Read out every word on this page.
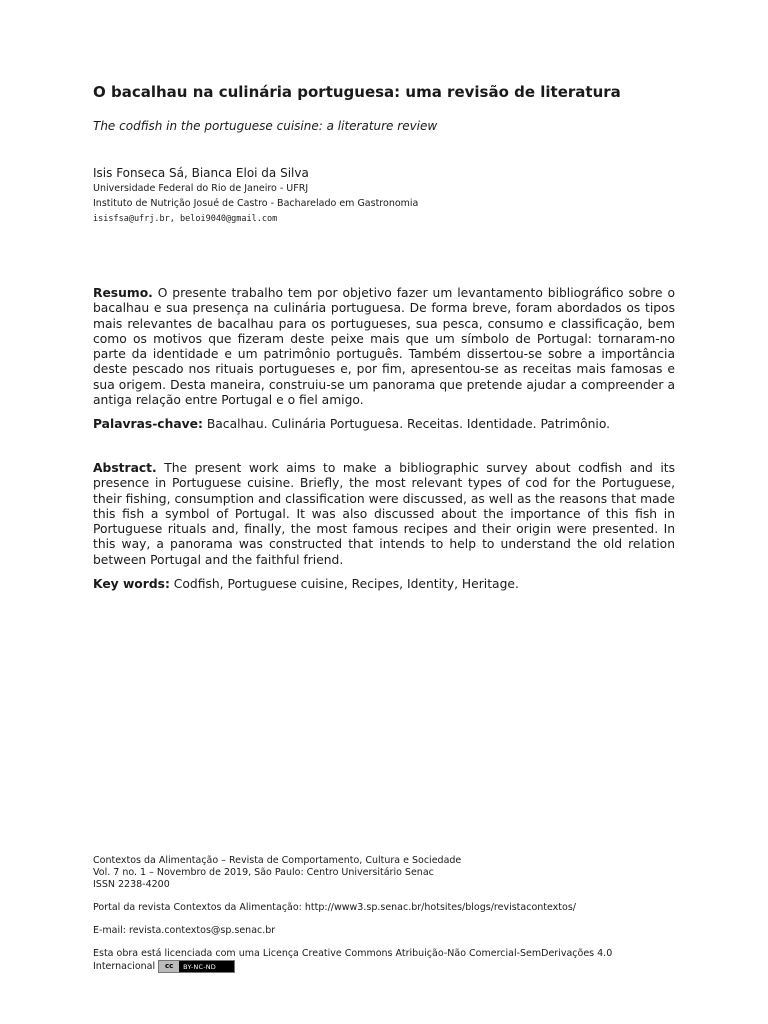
O bacalhau na culinária portuguesa: uma revisão de literatura
The codfish in the portuguese cuisine: a literature review
Isis Fonseca Sá, Bianca Eloi da Silva
Universidade Federal do Rio de Janeiro - UFRJ
Instituto de Nutrição Josué de Castro - Bacharelado em Gastronomia
isisfsa@ufrj.br, beloi9040@gmail.com

Resumo. O presente trabalho tem por objetivo fazer um levantamento bibliográfico sobre o bacalhau e sua presença na culinária portuguesa. De forma breve, foram abordados os tipos mais relevantes de bacalhau para os portugueses, sua pesca, consumo e classificação, bem como os motivos que fizeram deste peixe mais que um símbolo de Portugal: tornaram-no parte da identidade e um patrimônio português. Também dissertou-se sobre a importância deste pescado nos rituais portugueses e, por fim, apresentou-se as receitas mais famosas e sua origem. Desta maneira, construiu-se um panorama que pretende ajudar a compreender a antiga relação entre Portugal e o fiel amigo.

Palavras-chave: Bacalhau. Culinária Portuguesa. Receitas. Identidade. Patrimônio.

Abstract. The present work aims to make a bibliographic survey about codfish and its presence in Portuguese cuisine. Briefly, the most relevant types of cod for the Portuguese, their fishing, consumption and classification were discussed, as well as the reasons that made this fish a symbol of Portugal. It was also discussed about the importance of this fish in Portuguese rituals and, finally, the most famous recipes and their origin were presented. In this way, a panorama was constructed that intends to help to understand the old relation between Portugal and the faithful friend.

Key words: Codfish, Portuguese cuisine, Recipes, Identity, Heritage.

Contextos da Alimentação – Revista de Comportamento, Cultura e Sociedade
Vol. 7 no. 1 – Novembro de 2019, São Paulo: Centro Universitário Senac
ISSN 2238-4200
Portal da revista Contextos da Alimentação: http://www3.sp.senac.br/hotsites/blogs/revistacontextos/
E-mail: revista.contextos@sp.senac.br
Esta obra está licenciada com uma Licença Creative Commons Atribuição-Não Comercial-SemDerivações 4.0
Internacional	cc	BY-NC-ND
